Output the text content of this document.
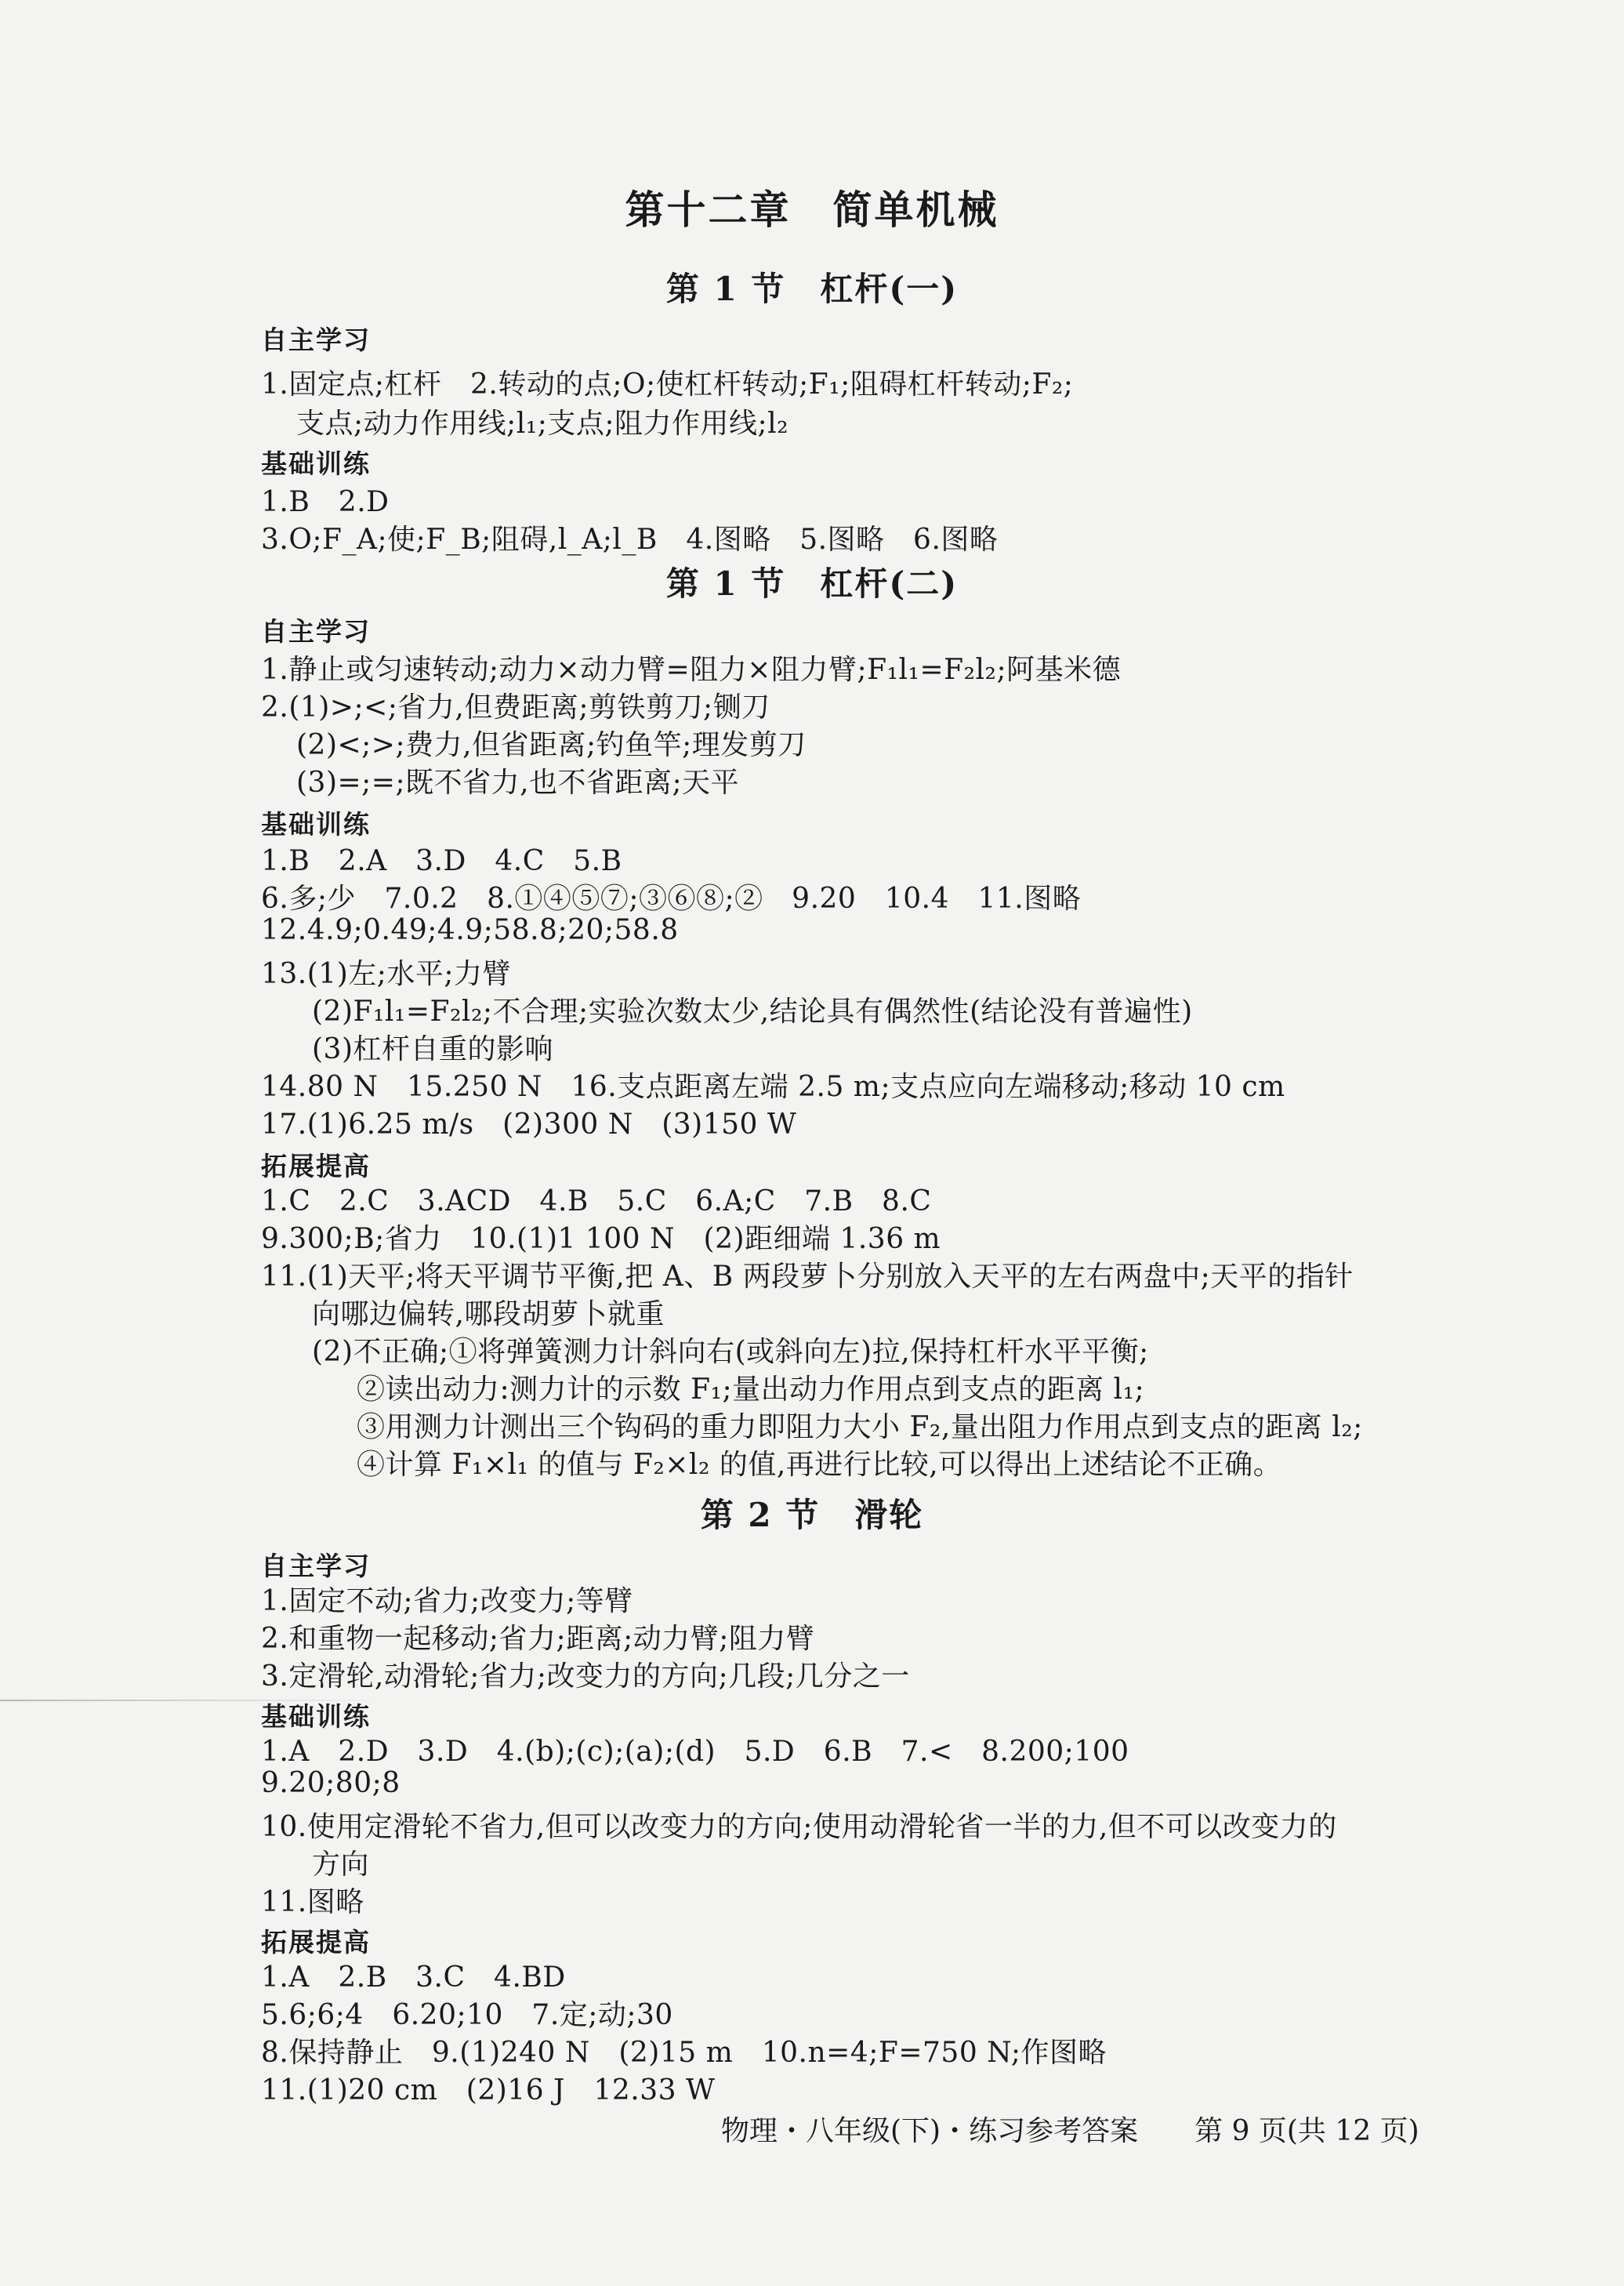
第十二章　简单机械
第 1 节　杠杆(一)
自主学习
1.固定点;杠杆　2.转动的点;O;使杠杆转动;F₁;阻碍杠杆转动;F₂;
支点;动力作用线;l₁;支点;阻力作用线;l₂
基础训练
1.B　2.D
3.O;F_A;使;F_B;阻碍,l_A;l_B　4.图略　5.图略　6.图略
第 1 节　杠杆(二)
自主学习
1.静止或匀速转动;动力×动力臂=阻力×阻力臂;F₁l₁=F₂l₂;阿基米德
2.(1)>;<;省力,但费距离;剪铁剪刀;铡刀
(2)<;>;费力,但省距离;钓鱼竿;理发剪刀
(3)=;=;既不省力,也不省距离;天平
基础训练
1.B　2.A　3.D　4.C　5.B
6.多;少　7.0.2　8.①④⑤⑦;③⑥⑧;②　9.20　10.4　11.图略
12.4.9;0.49;4.9;58.8;20;58.8
13.(1)左;水平;力臂
(2)F₁l₁=F₂l₂;不合理;实验次数太少,结论具有偶然性(结论没有普遍性)
(3)杠杆自重的影响
14.80 N　15.250 N　16.支点距离左端 2.5 m;支点应向左端移动;移动 10 cm
17.(1)6.25 m/s　(2)300 N　(3)150 W
拓展提高
1.C　2.C　3.ACD　4.B　5.C　6.A;C　7.B　8.C
9.300;B;省力　10.(1)1 100 N　(2)距细端 1.36 m
11.(1)天平;将天平调节平衡,把 A、B 两段萝卜分别放入天平的左右两盘中;天平的指针
向哪边偏转,哪段胡萝卜就重
(2)不正确;①将弹簧测力计斜向右(或斜向左)拉,保持杠杆水平平衡;
②读出动力:测力计的示数 F₁;量出动力作用点到支点的距离 l₁;
③用测力计测出三个钩码的重力即阻力大小 F₂,量出阻力作用点到支点的距离 l₂;
④计算 F₁×l₁ 的值与 F₂×l₂ 的值,再进行比较,可以得出上述结论不正确。
第 2 节　滑轮
自主学习
1.固定不动;省力;改变力;等臂
2.和重物一起移动;省力;距离;动力臂;阻力臂
3.定滑轮,动滑轮;省力;改变力的方向;几段;几分之一
基础训练
1.A　2.D　3.D　4.(b);(c);(a);(d)　5.D　6.B　7.<　8.200;100
9.20;80;8
10.使用定滑轮不省力,但可以改变力的方向;使用动滑轮省一半的力,但不可以改变力的
方向
11.图略
拓展提高
1.A　2.B　3.C　4.BD
5.6;6;4　6.20;10　7.定;动;30
8.保持静止　9.(1)240 N　(2)15 m　10.n=4;F=750 N;作图略
11.(1)20 cm　(2)16 J　12.33 W
物理・八年级(下)・练习参考答案　　第 9 页(共 12 页)
